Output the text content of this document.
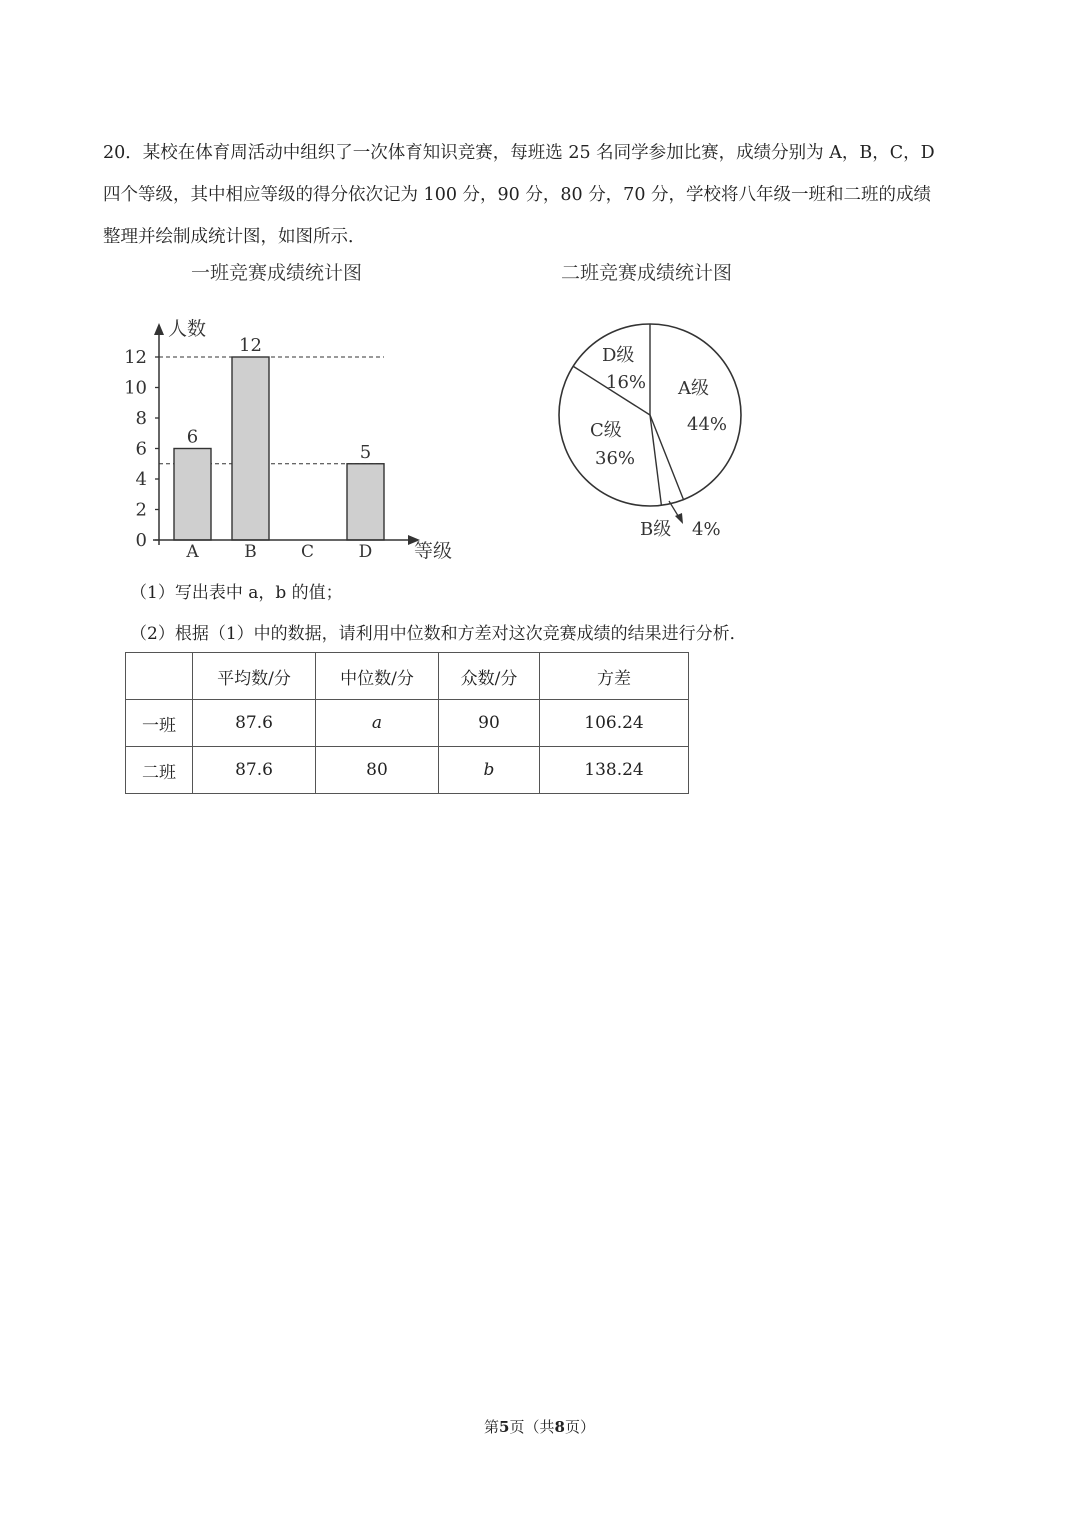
20．某校在体育周活动中组织了一次体育知识竞赛，每班选 25 名同学参加比赛，成绩分别为 A，B，C，D

四个等级，其中相应等级的得分依次记为 100 分，90 分，80 分，70 分，学校将八年级一班和二班的成绩

整理并绘制成统计图，如图所示．

一班竞赛成绩统计图	二班竞赛成绩统计图
人数
等级
0
2
4
6
8
10
12
A	B	C	D
6
12
5
D级
16% A级
44%
C级
36%
B级 4%
（1）写出表中 a，b 的值；
（2）根据（1）中的数据，请利用中位数和方差对这次竞赛成绩的结果进行分析．
	平均数/分	中位数/分	众数/分	方差
一班	87.6	a	90	106.24
二班	87.6	80	b	138.24
第5页（共8页）
